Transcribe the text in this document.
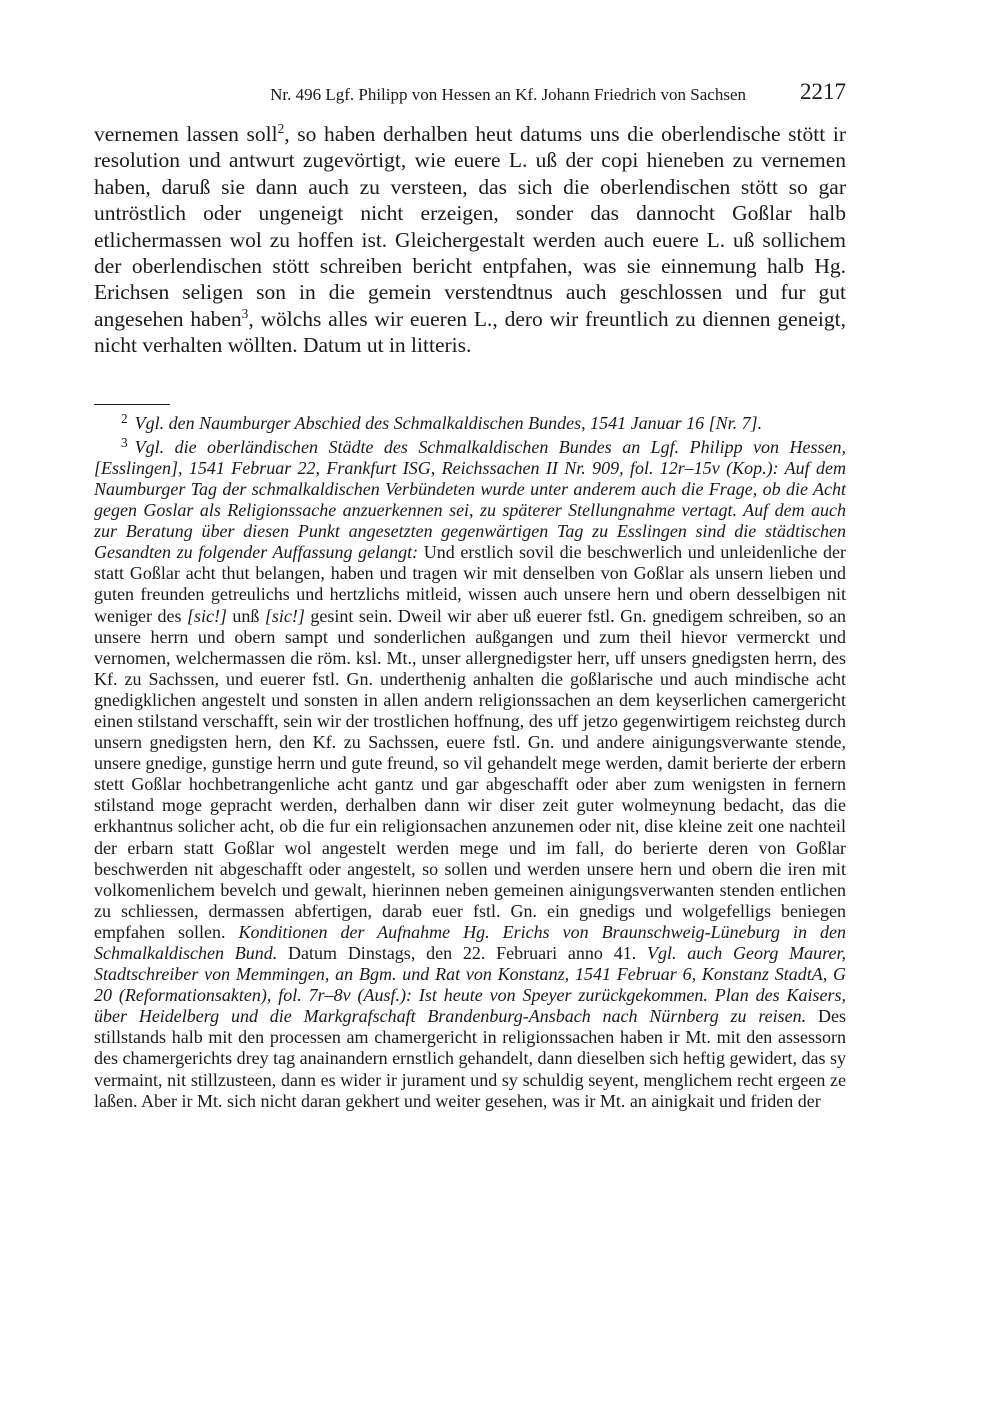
Nr. 496 Lgf. Philipp von Hessen an Kf. Johann Friedrich von Sachsen 2217
vernemen lassen soll$^2$, so haben derhalben heut datums uns die oberlendische stött ir resolution und antwurt zugevörtigt, wie euere L. uß der copi hieneben zu vernemen haben, daruß sie dann auch zu versteen, das sich die oberlendischen stött so gar untröstlich oder ungeneigt nicht erzeigen, sonder das dannocht Goßlar halb etlichermassen wol zu hoffen ist. Gleichergestalt werden auch euere L. uß sollichem der oberlendischen stött schreiben bericht entpfahen, was sie einnemung halb Hg. Erichsen seligen son in die gemein verstendtnus auch geschlossen und fur gut angesehen haben$^3$, wölchs alles wir eueren L., dero wir freuntlich zu diennen geneigt, nicht verhalten wöllten. Datum ut in litteris.

$^2$ Vgl. den Naumburger Abschied des Schmalkaldischen Bundes, 1541 Januar 16 [Nr. 7].

$^3$ Vgl. die oberländischen Städte des Schmalkaldischen Bundes an Lgf. Philipp von Hessen, [Esslingen], 1541 Februar 22, Frankfurt ISG, Reichssachen II Nr. 909, fol. 12r–15v (Kop.): Auf dem Naumburger Tag der schmalkaldischen Verbündeten wurde unter anderem auch die Frage, ob die Acht gegen Goslar als Religionssache anzuerkennen sei, zu späterer Stellungnahme vertagt. Auf dem auch zur Beratung über diesen Punkt angesetzten gegenwärtigen Tag zu Esslingen sind die städtischen Gesandten zu folgender Auffassung gelangt: Und erstlich sovil die beschwerlich und unleidenliche der statt Goßlar acht thut belangen, haben und tragen wir mit denselben von Goßlar als unsern lieben und guten freunden getreulichs und hertzlichs mitleid, wissen auch unsere hern und obern desselbigen nit weniger des [sic!] unß [sic!] gesint sein. Dweil wir aber uß euerer fstl. Gn. gnedigem schreiben, so an unsere herrn und obern sampt und sonderlichen außgangen und zum theil hievor vermerckt und vernomen, welchermassen die röm. ksl. Mt., unser allergnedigster herr, uff unsers gnedigsten herrn, des Kf. zu Sachssen, und euerer fstl. Gn. underthenig anhalten die goßlarische und auch mindische acht gnedigklichen angestelt und sonsten in allen andern religionssachen an dem keyserlichen camergericht einen stilstand verschafft, sein wir der trostlichen hoffnung, des uff jetzo gegenwirtigem reichsteg durch unsern gnedigsten hern, den Kf. zu Sachssen, euere fstl. Gn. und andere ainigungsverwante stende, unsere gnedige, gunstige herrn und gute freund, so vil gehandelt mege werden, damit berierte der erbern stett Goßlar hochbetrangenliche acht gantz und gar abgeschafft oder aber zum wenigsten in fernern stilstand moge gepracht werden, derhalben dann wir diser zeit guter wolmeynung bedacht, das die erkhantnus solicher acht, ob die fur ein religionsachen anzunemen oder nit, dise kleine zeit one nachteil der erbarn statt Goßlar wol angestelt werden mege und im fall, do berierte deren von Goßlar beschwerden nit abgeschafft oder angestelt, so sollen und werden unsere hern und obern die iren mit volkomenlichem bevelch und gewalt, hierinnen neben gemeinen ainigungsverwanten stenden entlichen zu schliessen, dermassen abfertigen, darab euer fstl. Gn. ein gnedigs und wolgefelligs beniegen empfahen sollen. Konditionen der Aufnahme Hg. Erichs von Braunschweig-Lüneburg in den Schmalkaldischen Bund. Datum Dinstags, den 22. Februari anno 41. Vgl. auch Georg Maurer, Stadtschreiber von Memmingen, an Bgm. und Rat von Konstanz, 1541 Februar 6, Konstanz StadtA, G 20 (Reformationsakten), fol. 7r–8v (Ausf.): Ist heute von Speyer zurückgekommen. Plan des Kaisers, über Heidelberg und die Markgrafschaft Brandenburg-Ansbach nach Nürnberg zu reisen. Des stillstands halb mit den processen am chamergericht in religionssachen haben ir Mt. mit den assessorn des chamergerichts drey tag anainandern ernstlich gehandelt, dann dieselben sich heftig gewidert, das sy vermaint, nit stillzusteen, dann es wider ir jurament und sy schuldig seyent, menglichem recht ergeen ze laßen. Aber ir Mt. sich nicht daran gekhert und weiter gesehen, was ir Mt. an ainigkait und friden der
